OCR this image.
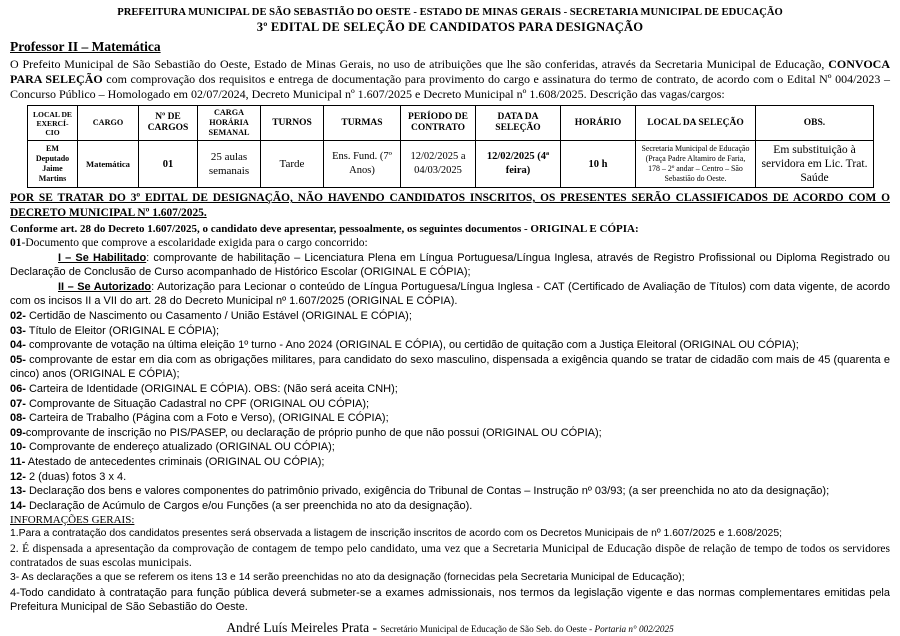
PREFEITURA MUNICIPAL DE SÃO SEBASTIÃO DO OESTE - ESTADO DE MINAS GERAIS - SECRETARIA MUNICIPAL DE EDUCAÇÃO
3º EDITAL DE SELEÇÃO DE CANDIDATOS PARA DESIGNAÇÃO
Professor II – Matemática

O Prefeito Municipal de São Sebastião do Oeste, Estado de Minas Gerais, no uso de atribuições que lhe são conferidas, através da Secretaria Municipal de Educação, CONVOCA PARA SELEÇÃO com comprovação dos requisitos e entrega de documentação para provimento do cargo e assinatura do termo de contrato, de acordo com o Edital Nº 004/2023 – Concurso Público – Homologado em 02/07/2024, Decreto Municipal nº 1.607/2025 e Decreto Municipal nº 1.608/2025. Descrição das vagas/cargos:

LOCAL DE EXERCÍ-CIO	CARGO	Nº DE CARGOS	CARGA HORÁRIA SEMANAL	TURNOS	TURMAS	PERÍODO DE CONTRATO	DATA DA SELEÇÃO	HORÁRIO	LOCAL DA SELEÇÃO	OBS.
EM Deputado Jaime Martins	Matemática	01	25 aulas semanais	Tarde	Ens. Fund. (7º Anos)	12/02/2025 a 04/03/2025	12/02/2025 (4ª feira)	10 h	Secretaria Municipal de Educação (Praça Padre Altamiro de Faria, 178 – 2º andar – Centro – São Sebastião do Oeste.	Em substituição à servidora em Lic. Trat. Saúde

POR SE TRATAR DO 3º EDITAL DE DESIGNAÇÃO, NÃO HAVENDO CANDIDATOS INSCRITOS, OS PRESENTES SERÃO CLASSIFICADOS DE ACORDO COM O DECRETO MUNICIPAL Nº 1.607/2025.

Conforme art. 28 do Decreto 1.607/2025, o candidato deve apresentar, pessoalmente, os seguintes documentos - ORIGINAL E CÓPIA:

01-Documento que comprove a escolaridade exigida para o cargo concorrido:

I – Se Habilitado: comprovante de habilitação – Licenciatura Plena em Língua Portuguesa/Língua Inglesa, através de Registro Profissional ou Diploma Registrado ou Declaração de Conclusão de Curso acompanhado de Histórico Escolar (ORIGINAL E CÓPIA);

II – Se Autorizado: Autorização para Lecionar o conteúdo de Língua Portuguesa/Língua Inglesa - CAT (Certificado de Avaliação de Títulos) com data vigente, de acordo com os incisos II a VII do art. 28 do Decreto Municipal nº 1.607/2025 (ORIGINAL E CÓPIA).

02- Certidão de Nascimento ou Casamento / União Estável (ORIGINAL E CÓPIA);

03- Título de Eleitor (ORIGINAL E CÓPIA);

04- comprovante de votação na última eleição 1º turno - Ano 2024 (ORIGINAL E CÓPIA), ou certidão de quitação com a Justiça Eleitoral (ORIGINAL OU CÓPIA);

05- comprovante de estar em dia com as obrigações militares, para candidato do sexo masculino, dispensada a exigência quando se tratar de cidadão com mais de 45 (quarenta e cinco) anos (ORIGINAL E CÓPIA);

06- Carteira de Identidade (ORIGINAL E CÓPIA). OBS: (Não será aceita CNH);

07- Comprovante de Situação Cadastral no CPF (ORIGINAL OU CÓPIA);

08- Carteira de Trabalho (Página com a Foto e Verso), (ORIGINAL E CÓPIA);

09-comprovante de inscrição no PIS/PASEP, ou declaração de próprio punho de que não possui (ORIGINAL OU CÓPIA);

10- Comprovante de endereço atualizado (ORIGINAL OU CÓPIA);

11- Atestado de antecedentes criminais (ORIGINAL OU CÓPIA);

12- 2 (duas) fotos 3 x 4.

13- Declaração dos bens e valores componentes do patrimônio privado, exigência do Tribunal de Contas – Instrução nº 03/93; (a ser preenchida no ato da designação);

14- Declaração de Acúmulo de Cargos e/ou Funções (a ser preenchida no ato da designação).

INFORMAÇÕES GERAIS:

1.Para a contratação dos candidatos presentes será observada a listagem de inscrição inscritos de acordo com os Decretos Municipais de nº 1.607/2025 e 1.608/2025;

2. É dispensada a apresentação da comprovação de contagem de tempo pelo candidato, uma vez que a Secretaria Municipal de Educação dispõe de relação de tempo de todos os servidores contratados de suas escolas municipais.

3- As declarações a que se referem os itens 13 e 14 serão preenchidas no ato da designação (fornecidas pela Secretaria Municipal de Educação);

4-Todo candidato à contratação para função pública deverá submeter-se a exames admissionais, nos termos da legislação vigente e das normas complementares emitidas pela Prefeitura Municipal de São Sebastião do Oeste.

André Luís Meireles Prata - Secretário Municipal de Educação de São Seb. do Oeste - Portaria n° 002/2025
